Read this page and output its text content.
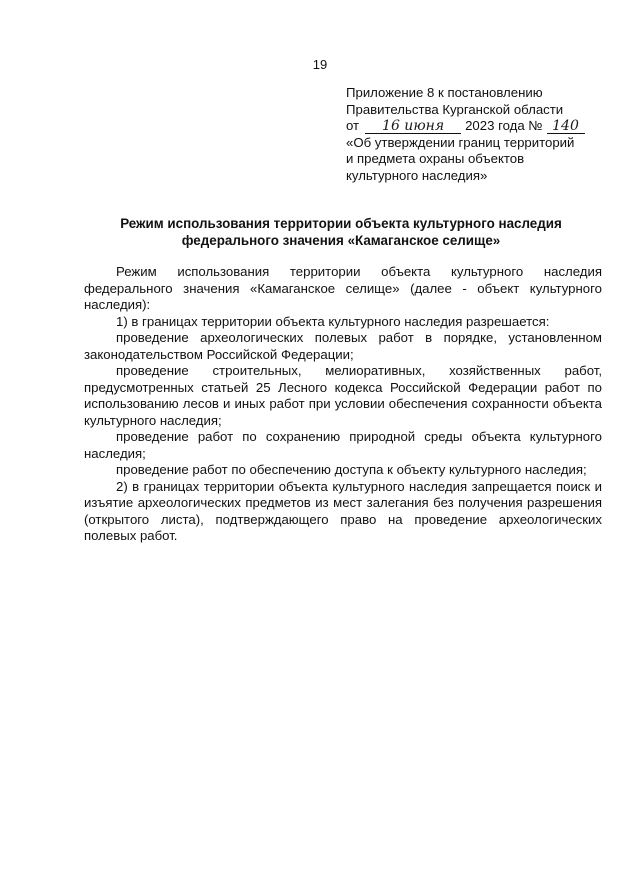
19
Приложение 8 к постановлению
Правительства Курганской области
от 16 июня 2023 года № 140
«Об утверждении границ территорий
и предмета охраны объектов
культурного наследия»
Режим использования территории объекта культурного наследия
федерального значения «Камаганское селище»

Режим использования территории объекта культурного наследия федерального значения «Камаганское селище» (далее - объект культурного наследия):

1) в границах территории объекта культурного наследия разрешается:

проведение археологических полевых работ в порядке, установленном законодательством Российской Федерации;

проведение строительных, мелиоративных, хозяйственных работ, предусмотренных статьей 25 Лесного кодекса Российской Федерации работ по использованию лесов и иных работ при условии обеспечения сохранности объекта культурного наследия;

проведение работ по сохранению природной среды объекта культурного наследия;

проведение работ по обеспечению доступа к объекту культурного наследия;

2) в границах территории объекта культурного наследия запрещается поиск и изъятие археологических предметов из мест залегания без получения разрешения (открытого листа), подтверждающего право на проведение археологических полевых работ.
